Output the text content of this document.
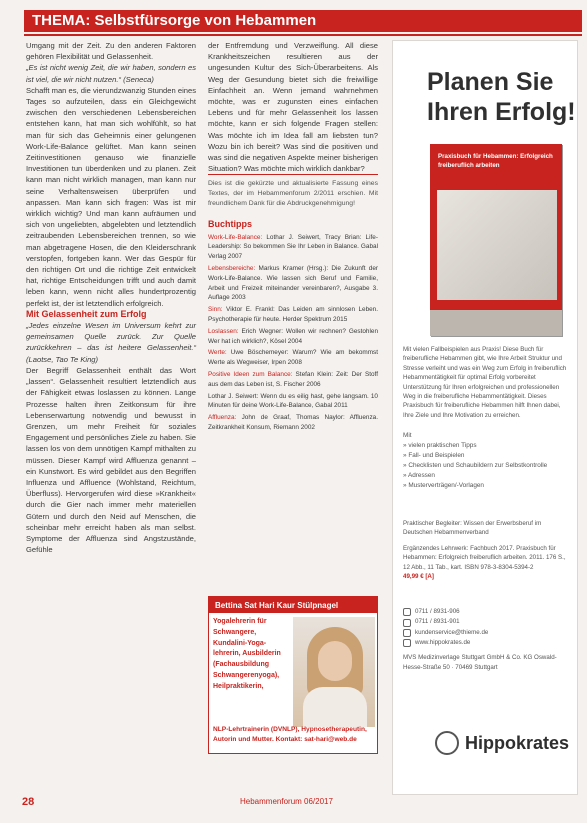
THEMA: Selbstfürsorge von Hebammen

Umgang mit der Zeit. Zu den anderen Faktoren gehören Flexibilität und Gelassenheit.

„Es ist nicht wenig Zeit, die wir haben, sondern es ist viel, die wir nicht nutzen.“ (Seneca)

Schafft man es, die vierundzwanzig Stunden eines Tages so aufzuteilen, dass ein Gleichgewicht zwischen den verschiedenen Lebensbereichen entstehen kann, hat man sich wohlfühlt, so hat man für sich das Geheimnis einer gelungenen Work-Life-Balance gelüftet. Man kann seinen Zeitinvestitionen genauso wie finanzielle Investitionen tun überdenken und zu planen. Zeit kann man nicht wirklich managen, man kann nur seine Verhaltensweisen überprüfen und anpassen. Man kann sich fragen: Was ist mir wirklich wichtig? Und man kann aufräumen und sich von ungeliebten, abgelebten und letztendlich zeitraubenden Lebensbereichen trennen, so wie man abgetragene Hosen, die den Kleiderschrank verstopfen, fortgeben kann. Wer das Gespür für den richtigen Ort und die richtige Zeit entwickelt hat, richtige Entscheidungen trifft und auch damit leben kann, wenn nicht alles hundertprozentig perfekt ist, der ist letztendlich erfolgreich.

Mit Gelassenheit zum Erfolg

„Jedes einzelne Wesen im Universum kehrt zur gemeinsamen Quelle zurück. Zur Quelle zurückkehren – das ist heitere Gelassenheit.“ (Laotse, Tao Te King)

Der Begriff Gelassenheit enthält das Wort „lassen“. Gelassenheit resultiert letztendlich aus der Fähigkeit etwas loslassen zu können. Lange Prozesse halten ihren Zeitkonsum für ihre Lebenserwartung notwendig und bewusst in Grenzen, um mehr Freiheit für soziales Engagement und persönliches Ziele zu haben. Sie lassen los von dem unnötigen Kampf mithalten zu müssen. Dieser Kampf wird Affluenza genannt – ein Kunstwort. Es wird gebildet aus den Begriffen Influenza und Affluence (Wohlstand, Reichtum, Überfluss). Hervorgerufen wird diese »Krankheit« durch die Gier nach immer mehr materiellen Gütern und durch den Neid auf Menschen, die scheinbar mehr erreicht haben als man selbst. Symptome der Affluenza sind Angstzustände, Gefühle

der Entfremdung und Verzweiflung. All diese Krankheitszeichen resultieren aus der ungesunden Kultur des Sich-Überarbeitens. Als Weg der Gesundung bietet sich die freiwillige Einfachheit an. Wenn jemand wahrnehmen möchte, was er zugunsten eines einfachen Lebens und für mehr Gelassenheit los lassen möchte, kann er sich folgende Fragen stellen: Was möchte ich im Idea fall am liebsten tun? Wozu bin ich bereit? Was sind die positiven und was sind die negativen Aspekte meiner bisherigen Situation? Was möchte mich wirklich dankbar?

Dies ist die gekürzte und aktualisierte Fassung eines Textes, der im Hebammenforum 2/2011 erschien. Mit freundlichem Dank für die Abdruckgenehmigung!

Buchtipps
Work-Life-Balance: Lothar J. Seiwert, Tracy Brian: Life-Leadership: So bekommen Sie Ihr Leben in Balance. Gabal Verlag 2007
Lebensbereiche: Markus Kramer (Hrsg.): Die Zukunft der Work-Life-Balance. Wie lassen sich Beruf und Familie, Arbeit und Freizeit miteinander vereinbaren?, Ausgabe 3. Auflage 2003
Sinn: Viktor E. Frankl: Das Leiden am sinnlosen Leben. Psychotherapie für heute. Herder Spektrum 2015
Loslassen: Erich Wegner: Wollen wir rechnen? Gestohlen Wer hat ich wirklich?, Kösel 2004
Werte: Uwe Böschemeyer: Warum? Wie am bekommst Werte als Wegweiser, Irpen 2008
Positive Ideen zum Balance: Stefan Klein: Zeit: Der Stoff aus dem das Leben ist, S. Fischer 2006
Lothar J. Seiwert: Wenn du es eilig hast, gehe langsam. 10 Minuten für deine Work-Life-Balance, Gabal 2011
Affluenza: John de Graaf, Thomas Naylor: Affluenza. Zeitkrankheit Konsum, Riemann 2002
Bettina Sat Hari Kaur Stülpnagel
Yogalehrerin für Schwangere, Kundalini-Yoga-lehrerin, Ausbilderin (Fachausbildung Schwangerenyoga), Heilpraktikerin,
NLP-Lehrtrainerin (DVNLP), Hypnosetherapeutin, Autorin und Mutter. Kontakt: sat-hari@web.de
Planen Sie Ihren Erfolg!
Praxisbuch für Hebammen: Erfolgreich freiberuflich arbeiten
Mit vielen Fallbeispielen aus Praxis! Diese Buch für freiberufliche Hebammen gibt, wie Ihre Arbeit Struktur und Stresse verleiht und was ein Weg zum Erfolg in freiberuflich Hebammentätigkeit für optimal Erfolg vorbereitet Unterstützung für Ihren erfolgreichen und professionellen Weg in die freiberufliche Hebammentätigkeit. Dieses Praxisbuch für freiberufliche Hebammen hilft Ihnen dabei, Ihre Ziele und Ihre Motivation zu erreichen.
Mit
» vielen praktischen Tipps
» Fall- und Beispielen
» Checklisten und Schaubildern zur Selbstkontrolle
» Adressen
» Musterverträgen/-Vorlagen

Praktischer Begleiter: Wissen der Erwerbsberuf im Deutschen Hebammenverband

Ergänzendes Lehrwerk: Fachbuch 2017. Praxisbuch für Hebammen: Erfolgreich freiberuflich arbeiten. 2011. 176 S., 12 Abb., 11 Tab., kart. ISBN 978-3-8304-5394-2

49,99 € [A]

0711 / 8931-906
0711 / 8931-901
kundenservice@thieme.de
www.hippokrates.de

MVS Medizinverlage Stuttgart GmbH & Co. KG Oswald-Hesse-Straße 50 · 70469 Stuttgart

Hippokrates
28	Hebammenforum 06/2017
